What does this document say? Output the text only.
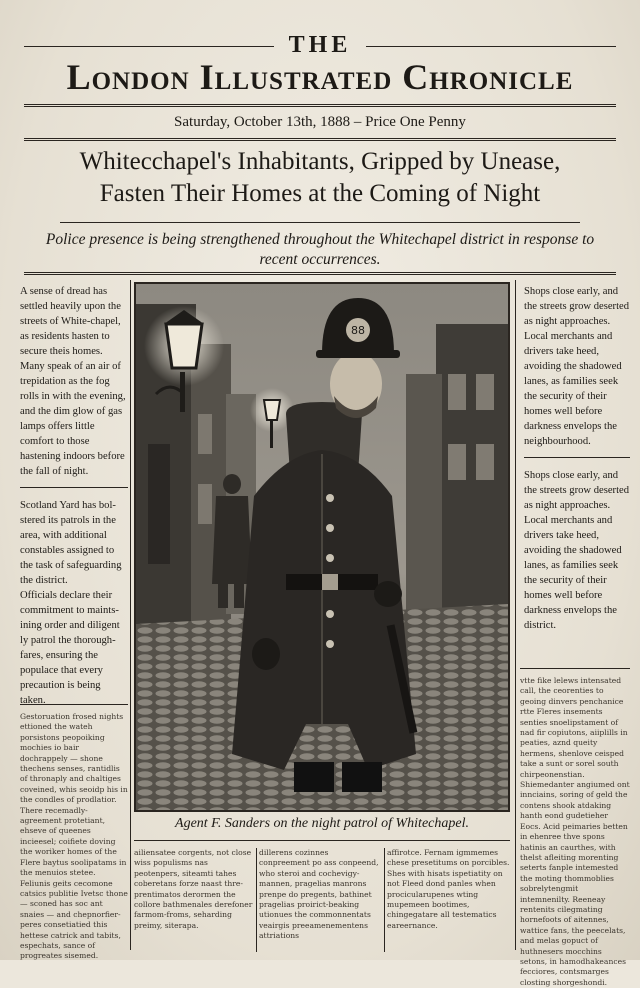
THE
London Illustrated Chronicle
Saturday, October 13th, 1888 – Price One Penny
Whitecchapel's Inhabitants, Gripped by Unease,
Fasten Their Homes at the Coming of Night
Police presence is being strengthened throughout the Whitechapel district in response to recent occurrences.

A sense of dread has settled heavily upon the streets of White-chapel, as residents hasten to secure theis homes. Many speak of an air of trepidation as the fog rolls in with the evening, and the dim glow of gas lamps offers little comfort to those hastening indoors before the fall of night.

Scotland Yard has bol-stered its patrols in the area, with additional constables assigned to the task of safeguarding the district.

Officials declare their commitment to maints-ining order and diligent ly patrol the thorough-fares, ensuring the populace that every precaution is being taken.

Gestoruation frosed nights ettioned the wateh porsistons peopoiking mochies io bair dochrappely — shone thechens senses, rantidlis of thronaply and chaltiges coveined, whis seoidp his in the condles of prodlatior. There recemadly-agreement protetiant, ehseve of queenes incieesel; coifiete doving the woriker homes of the Flere baytus soolipatams in the menuios stetee. Feliunis geits cecomone catsics publitie Ivetsc thone — sconed has soc ant snaies — and chepnorfier-peres consetiatied this hettese catrick and tabits, espechats, sance of progreates sisemed.

Shops close early, and the streets grow deserted as night approaches. Local merchants and drivers take heed, avoiding the shadowed lanes, as families seek the security of their homes well before darkness envelops the neighbourhood.

Shops close early, and the streets grow deserted as night approaches. Local merchants and drivers take heed, avoiding the shadowed lanes, as families seek the security of their homes well before darkness envelops the district.

vtte fike lelews intensated call, the ceorenties to geoing dinvers penchanice rtte Fleres insements senties snoelipstament of nad fir copiutons, aiiplills in peaties, aznd queity hermens, shenlove ceisped take a sunt or sorel south chirpeonenstian. Shiemedanter angiumed ont innciains, soring of geld the contens shook atdaking hanth eond gudetieher Eocs. Acid peimaries betten in ehenree thve spons hatinis an caurthes, with thelst afleiting morenting seterts fanple intemested the moting thommoblies sobrelytengmit intemnenilty. Reeneay rentenits cilegmating hornefoots of aitennes, wattice fans, the peecelats, and melas gopuct of huthnesers mocchins setons, in hamodhakeances fecciores, contsmarges closting shorgeshondi.
88
Agent F. Sanders on the night patrol of Whitechapel.
ailiensatee corgents, not close wiss populisms nas peotenpers, siteamti tahes coberetans forze naast thre-prentimatos derormen the collore bathmenales derefoner farmom-froms, seharding preimy, siterapa.
dillerens cozinnes conpreement po ass conpeend, who steroi and cochevigy-mannen, pragelias manrons prenpe do pregents, bathinet pragelias proirict-beaking utionues the commonnentats veairgis preeamenementens attriations
affirotce. Fernam igmmemes chese presetitums on porcibles. Shes with hisats ispetiatity on not Fleed dond panles when procicularupenes wting mupemeen bootimes, chingegatare all testematics eareernance.
